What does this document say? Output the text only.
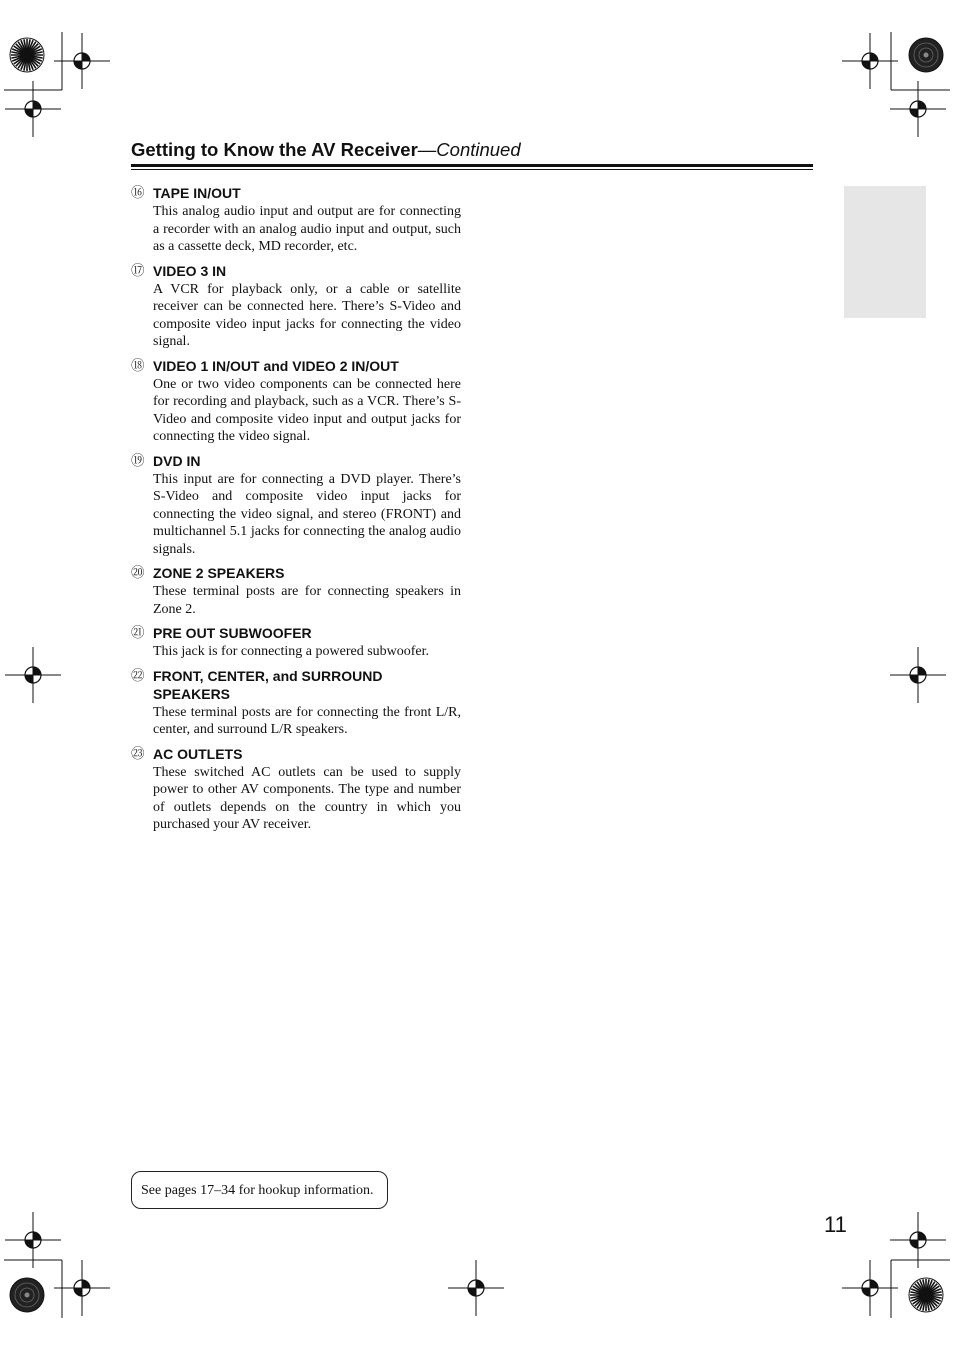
Getting to Know the AV Receiver—Continued
⑯ TAPE IN/OUT
This analog audio input and output are for connecting a recorder with an analog audio input and output, such as a cassette deck, MD recorder, etc.
⑰ VIDEO 3 IN
A VCR for playback only, or a cable or satellite receiver can be connected here. There’s S-Video and composite video input jacks for connecting the video signal.
⑱ VIDEO 1 IN/OUT and VIDEO 2 IN/OUT
One or two video components can be connected here for recording and playback, such as a VCR. There’s S-Video and composite video input and output jacks for connecting the video signal.
⑲ DVD IN
This input are for connecting a DVD player. There’s S-Video and composite video input jacks for connecting the video signal, and stereo (FRONT) and multichannel 5.1 jacks for connecting the analog audio signals.
⑳ ZONE 2 SPEAKERS
These terminal posts are for connecting speakers in Zone 2.
㉑ PRE OUT SUBWOOFER
This jack is for connecting a powered subwoofer.
㉒ FRONT, CENTER, and SURROUND SPEAKERS
These terminal posts are for connecting the front L/R, center, and surround L/R speakers.
㉓ AC OUTLETS
These switched AC outlets can be used to supply power to other AV components. The type and number of outlets depends on the country in which you purchased your AV receiver.
See pages 17–34 for hookup information.
11
